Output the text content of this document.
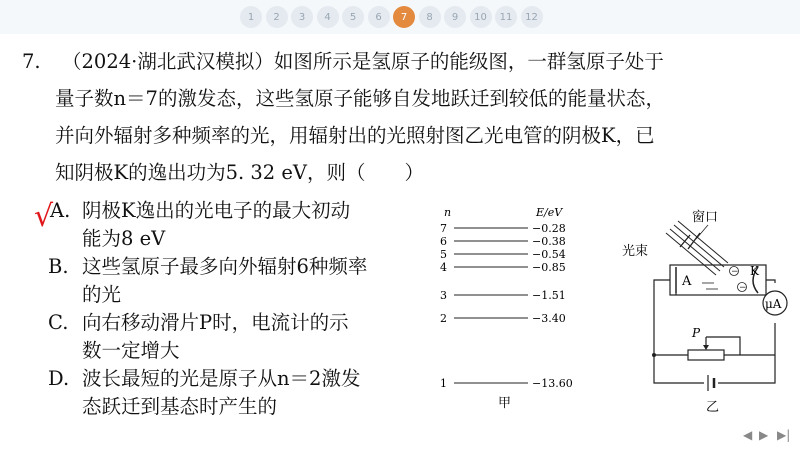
1	2	3	4	5	6	7	8	9	10	11	12
7. （2024·湖北武汉模拟）如图所示是氢原子的能级图，一群氢原子处于
量子数n＝7的激发态，这些氢原子能够自发地跃迁到较低的能量状态，
并向外辐射多种频率的光，用辐射出的光照射图乙光电管的阴极K，已
知阴极K的逸出功为5. 32 eV，则（　　）
√
A. 阴极K逸出的光电子的最大初动
能为8 eV
B. 这些氢原子最多向外辐射6种频率
的光
C. 向右移动滑片P时，电流计的示
数一定增大
D. 波长最短的光是原子从n＝2激发
态跃迁到基态时产生的
n	E/eV
7	−0.28
6	−0.38
5	−0.54
4	−0.85
3	−1.51
2	−3.40
1	−13.60
甲
窗口
光束
A
K
−
−
μA
P
乙
◀ ▶ ▶|
